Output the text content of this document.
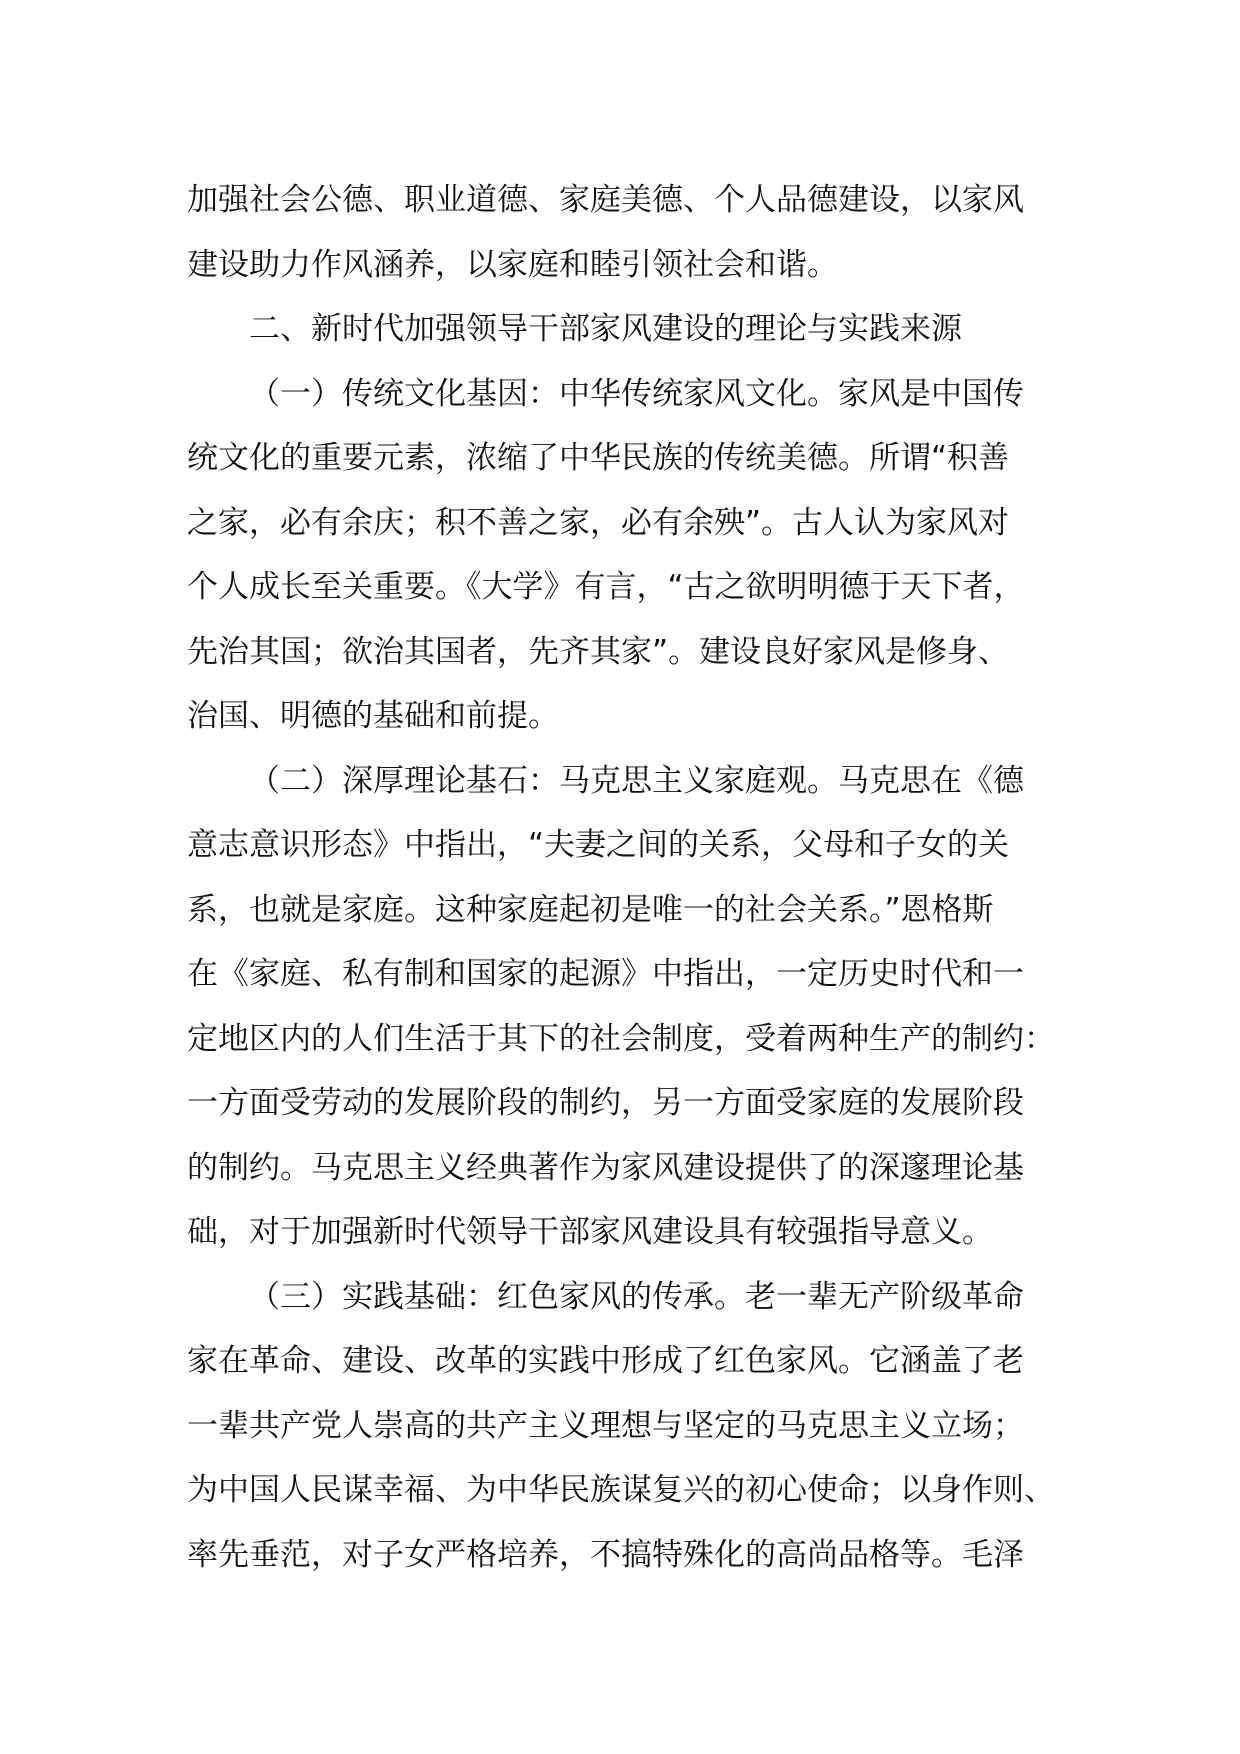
加强社会公德、职业道德、家庭美德、个人品德建设，以家风
建设助力作风涵养，以家庭和睦引领社会和谐。
二、新时代加强领导干部家风建设的理论与实践来源
（一）传统文化基因：中华传统家风文化。家风是中国传
统文化的重要元素，浓缩了中华民族的传统美德。所谓“积善
之家，必有余庆；积不善之家，必有余殃”。古人认为家风对
个人成长至关重要。《大学》有言，“古之欲明明德于天下者，
先治其国；欲治其国者，先齐其家”。建设良好家风是修身、
治国、明德的基础和前提。
（二）深厚理论基石：马克思主义家庭观。马克思在《德
意志意识形态》中指出，“夫妻之间的关系，父母和子女的关
系，也就是家庭。这种家庭起初是唯一的社会关系。”恩格斯
在《家庭、私有制和国家的起源》中指出，一定历史时代和一
定地区内的人们生活于其下的社会制度，受着两种生产的制约：
一方面受劳动的发展阶段的制约，另一方面受家庭的发展阶段
的制约。马克思主义经典著作为家风建设提供了的深邃理论基
础，对于加强新时代领导干部家风建设具有较强指导意义。
（三）实践基础：红色家风的传承。老一辈无产阶级革命
家在革命、建设、改革的实践中形成了红色家风。它涵盖了老
一辈共产党人崇高的共产主义理想与坚定的马克思主义立场；
为中国人民谋幸福、为中华民族谋复兴的初心使命；以身作则、
率先垂范，对子女严格培养，不搞特殊化的高尚品格等。毛泽
